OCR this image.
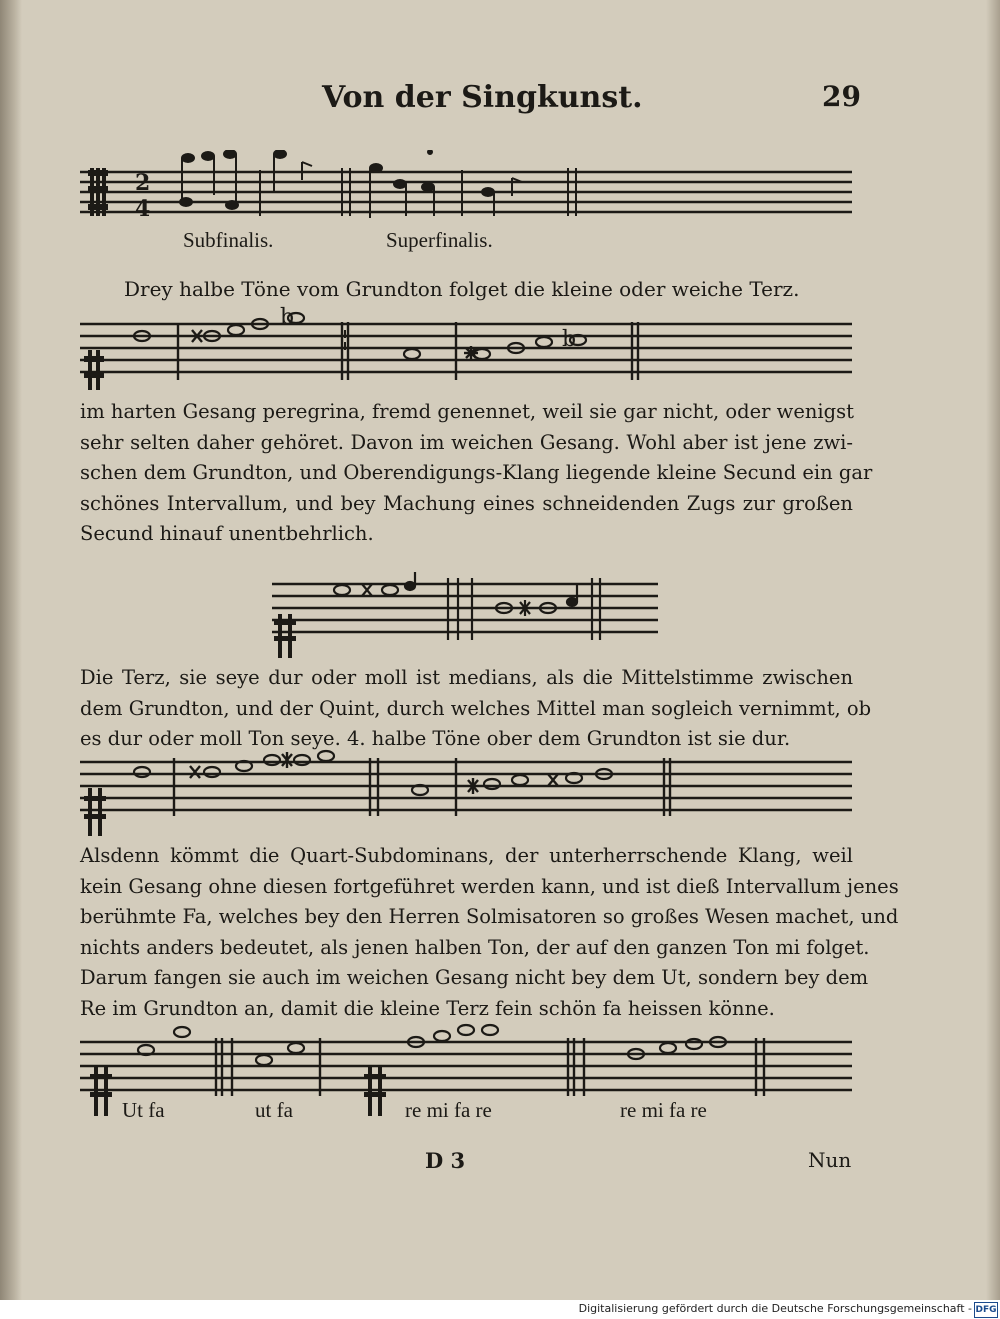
Von der Singkunst.	29
2
4
Subfinalis.	Superfinalis.
Drey halbe Töne vom Grundton folget die kleine oder weiche Terz.
b
b
im harten Gesang peregrina, fremd genennet, weil sie gar nicht, oder wenigst
sehr selten daher gehöret. Davon im weichen Gesang. Wohl aber ist jene zwi-
schen dem Grundton, und Oberendigungs-Klang liegende kleine Secund ein gar
schönes Intervallum, und bey Machung eines schneidenden Zugs zur großen
Secund hinauf unentbehrlich.
Die Terz, sie seye dur oder moll ist medians, als die Mittelstimme zwischen
dem Grundton, und der Quint, durch welches Mittel man sogleich vernimmt, ob
es dur oder moll Ton seye. 4. halbe Töne ober dem Grundton ist sie dur.
Alsdenn kömmt die Quart-Subdominans, der unterherrschende Klang, weil
kein Gesang ohne diesen fortgeführet werden kann, und ist dieß Intervallum jenes
berühmte Fa, welches bey den Herren Solmisatoren so großes Wesen machet, und
nichts anders bedeutet, als jenen halben Ton, der auf den ganzen Ton mi folget.
Darum fangen sie auch im weichen Gesang nicht bey dem Ut, sondern bey dem
Re im Grundton an, damit die kleine Terz fein schön fa heissen könne.
Ut fa	ut fa	re mi fa re	re mi fa re
D 3	Nun
Digitalisierung gefördert durch die Deutsche Forschungsgemeinschaft - DFG
